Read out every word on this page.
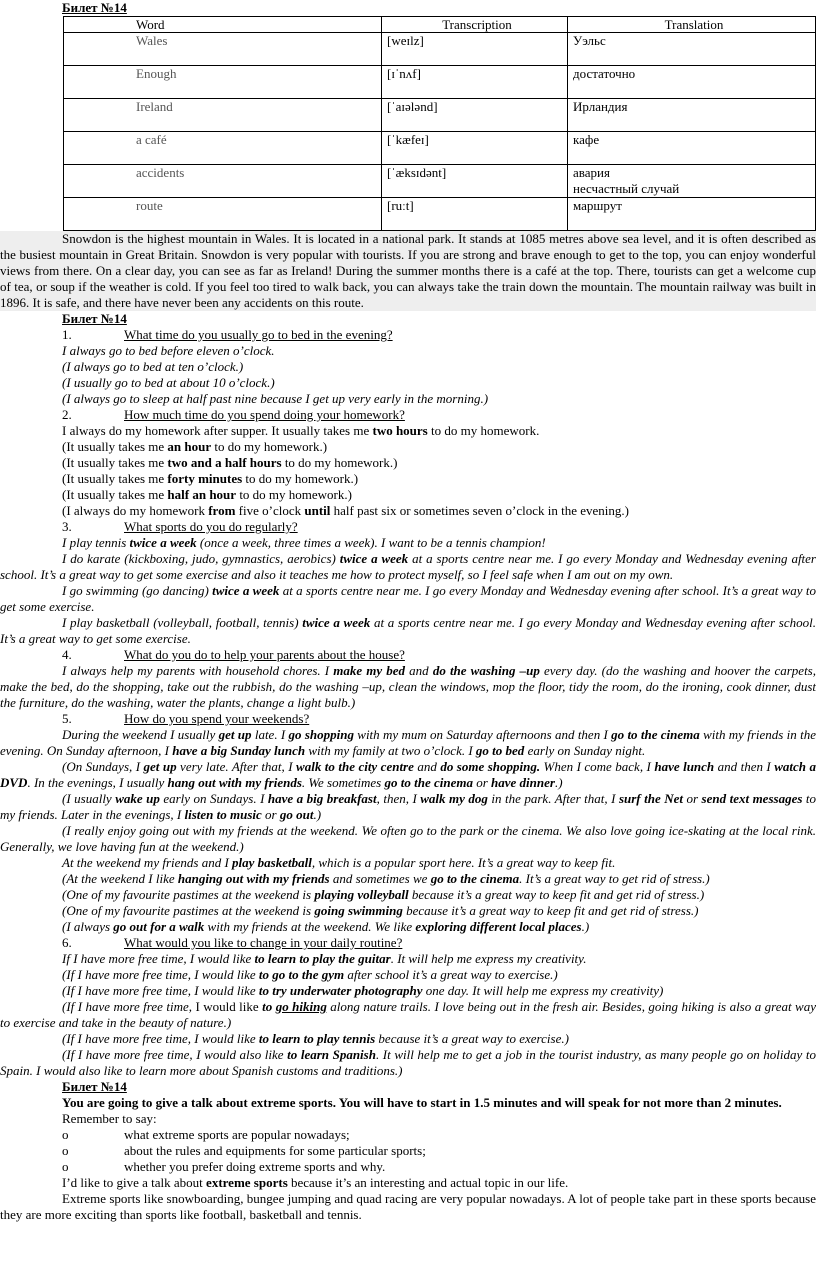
Билет №14

Word	Transcription	Translation
Wales	[weɪlz]	Уэльс
Enough	[ɪˈnʌf]	достаточно
Ireland	[ˈaɪələnd]	Ирландия
a café	[ˈkæfeɪ]	кафе
accidents	[ˈæksɪdənt]	авария
несчастный случай
route	[ruːt]	маршрут

Snowdon is the highest mountain in Wales. It is located in a national park. It stands at 1085 metres above sea level, and it is often described as the busiest mountain in Great Britain. Snowdon is very popular with tourists. If you are strong and brave enough to get to the top, you can enjoy wonderful views from there. On a clear day, you can see as far as Ireland! During the summer months there is a café at the top. There, tourists can get a welcome cup of tea, or soup if the weather is cold. If you feel too tired to walk back, you can always take the train down the mountain. The mountain railway was built in 1896. It is safe, and there have never been any accidents on this route.

Билет №14

1.	What time do you usually go to bed in the evening?

I always go to bed before eleven o’clock.

(I always go to bed at ten o’clock.)

(I usually go to bed at about 10 o’clock.)

(I always go to sleep at half past nine because I get up very early in the morning.)

2.	How much time do you spend doing your homework?

I always do my homework after supper. It usually takes me two hours to do my homework.

(It usually takes me an hour to do my homework.)

(It usually takes me two and a half hours to do my homework.)

(It usually takes me forty minutes to do my homework.)

(It usually takes me half an hour to do my homework.)

(I always do my homework from five o’clock until half past six or sometimes seven o’clock in the evening.)

3.	What sports do you do regularly?

I play tennis twice a week (once a week, three times a week). I want to be a tennis champion!

I do karate (kickboxing, judo, gymnastics, aerobics) twice a week at a sports centre near me. I go every Monday and Wednesday evening after school. It’s a great way to get some exercise and also it teaches me how to protect myself, so I feel safe when I am out on my own.

I go swimming (go dancing) twice a week at a sports centre near me. I go every Monday and Wednesday evening after school. It’s a great way to get some exercise.

I play basketball (volleyball, football, tennis) twice a week at a sports centre near me. I go every Monday and Wednesday evening after school. It’s a great way to get some exercise.

4.	What do you do to help your parents about the house?

I always help my parents with household chores. I make my bed and do the washing –up every day. (do the washing and hoover the carpets, make the bed, do the shopping, take out the rubbish, do the washing –up, clean the windows, mop the floor, tidy the room, do the ironing, cook dinner, dust the furniture, do the washing, water the plants, change a light bulb.)

5.	How do you spend your weekends?

During the weekend I usually get up late. I go shopping with my mum on Saturday afternoons and then I go to the cinema with my friends in the evening. On Sunday afternoon, I have a big Sunday lunch with my family at two o’clock. I go to bed early on Sunday night.

(On Sundays, I get up very late. After that, I walk to the city centre and do some shopping. When I come back, I have lunch and then I watch a DVD. In the evenings, I usually hang out with my friends. We sometimes go to the cinema or have dinner.)

(I usually wake up early on Sundays. I have a big breakfast, then, I walk my dog in the park. After that, I surf the Net or send text messages to my friends. Later in the evenings, I listen to music or go out.)

(I really enjoy going out with my friends at the weekend. We often go to the park or the cinema. We also love going ice-skating at the local rink. Generally, we love having fun at the weekend.)

At the weekend my friends and I play basketball, which is a popular sport here. It’s a great way to keep fit.

(At the weekend I like hanging out with my friends and sometimes we go to the cinema. It’s a great way to get rid of stress.)

(One of my favourite pastimes at the weekend is playing volleyball because it’s a great way to keep fit and get rid of stress.)

(One of my favourite pastimes at the weekend is going swimming because it’s a great way to keep fit and get rid of stress.)

(I always go out for a walk with my friends at the weekend. We like exploring different local places.)

6.	What would you like to change in your daily routine?

If I have more free time, I would like to learn to play the guitar. It will help me express my creativity.

(If I have more free time, I would like to go to the gym after school it’s a great way to exercise.)

(If I have more free time, I would like to try underwater photography one day. It will help me express my creativity)

(If I have more free time, I would like to go hiking along nature trails. I love being out in the fresh air. Besides, going hiking is also a great way to exercise and take in the beauty of nature.)

(If I have more free time, I would like to learn to play tennis because it’s a great way to exercise.)

(If I have more free time, I would also like to learn Spanish. It will help me to get a job in the tourist industry, as many people go on holiday to Spain. I would also like to learn more about Spanish customs and traditions.)

Билет №14

You are going to give a talk about extreme sports. You will have to start in 1.5 minutes and will speak for not more than 2 minutes.

Remember to say:

o	what extreme sports are popular nowadays;

o	about the rules and equipments for some particular sports;

o	whether you prefer doing extreme sports and why.

I’d like to give a talk about extreme sports because it’s an interesting and actual topic in our life.

Extreme sports like snowboarding, bungee jumping and quad racing are very popular nowadays. A lot of people take part in these sports because they are more exciting than sports like football, basketball and tennis.
